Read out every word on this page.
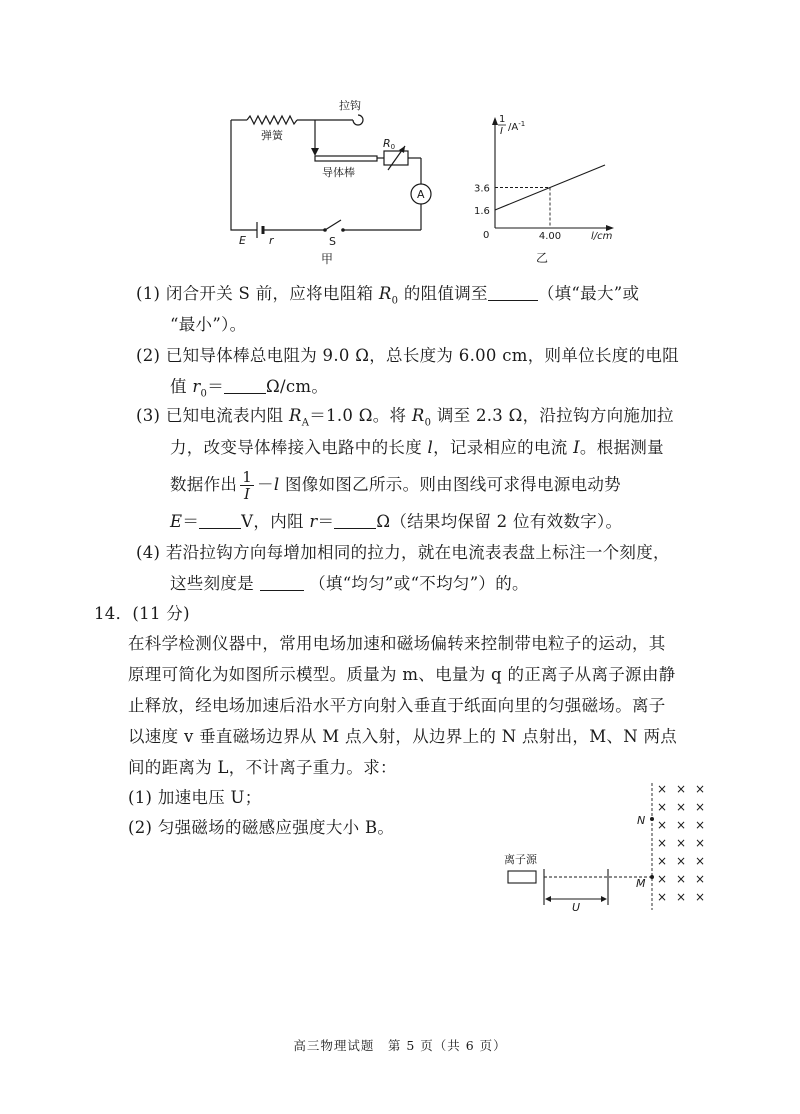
拉钩
弹簧
导体棒
R0
A
E r	S
甲
1
I $/A^{-1}$
3.6
1.6
0	4.00	l/cm
乙
(1) 闭合开关 S 前，应将电阻箱 $R_0$ 的阻值调至	（填“最大”或
“最小”）。
(2) 已知导体棒总电阻为 9.0 Ω，总长度为 6.00 cm，则单位长度的电阻
值 $r_0=$	Ω/cm。
(3) 已知电流表内阻 $R_A=1.0$ Ω。将 $R_0$ 调至 2.3 Ω，沿拉钩方向施加拉
力，改变导体棒接入电路中的长度 l，记录相应的电流 I。根据测量
数据作出 $\frac{1}{I} -l$ 图像如图乙所示。则由图线可求得电源电动势
E＝	V，内阻 r＝	Ω（结果均保留 2 位有效数字）。
(4) 若沿拉钩方向每增加相同的拉力，就在电流表表盘上标注一个刻度，
这些刻度是	（填“均匀”或“不均匀”）的。
14．(11 分)
在科学检测仪器中，常用电场加速和磁场偏转来控制带电粒子的运动，其
原理可简化为如图所示模型。质量为 m、电量为 q 的正离子从离子源由静
止释放，经电场加速后沿水平方向射入垂直于纸面向里的匀强磁场。离子
以速度 v 垂直磁场边界从 M 点入射，从边界上的 N 点射出，M、N 两点
间的距离为 L，不计离子重力。求：
(1) 加速电压 U；
(2) 匀强磁场的磁感应强度大小 B。
× × ×
× × ×
× × ×
× × ×
× × ×
× × ×
× × ×
离子源
U
N
M
高三物理试题　第 5 页（共 6 页）
